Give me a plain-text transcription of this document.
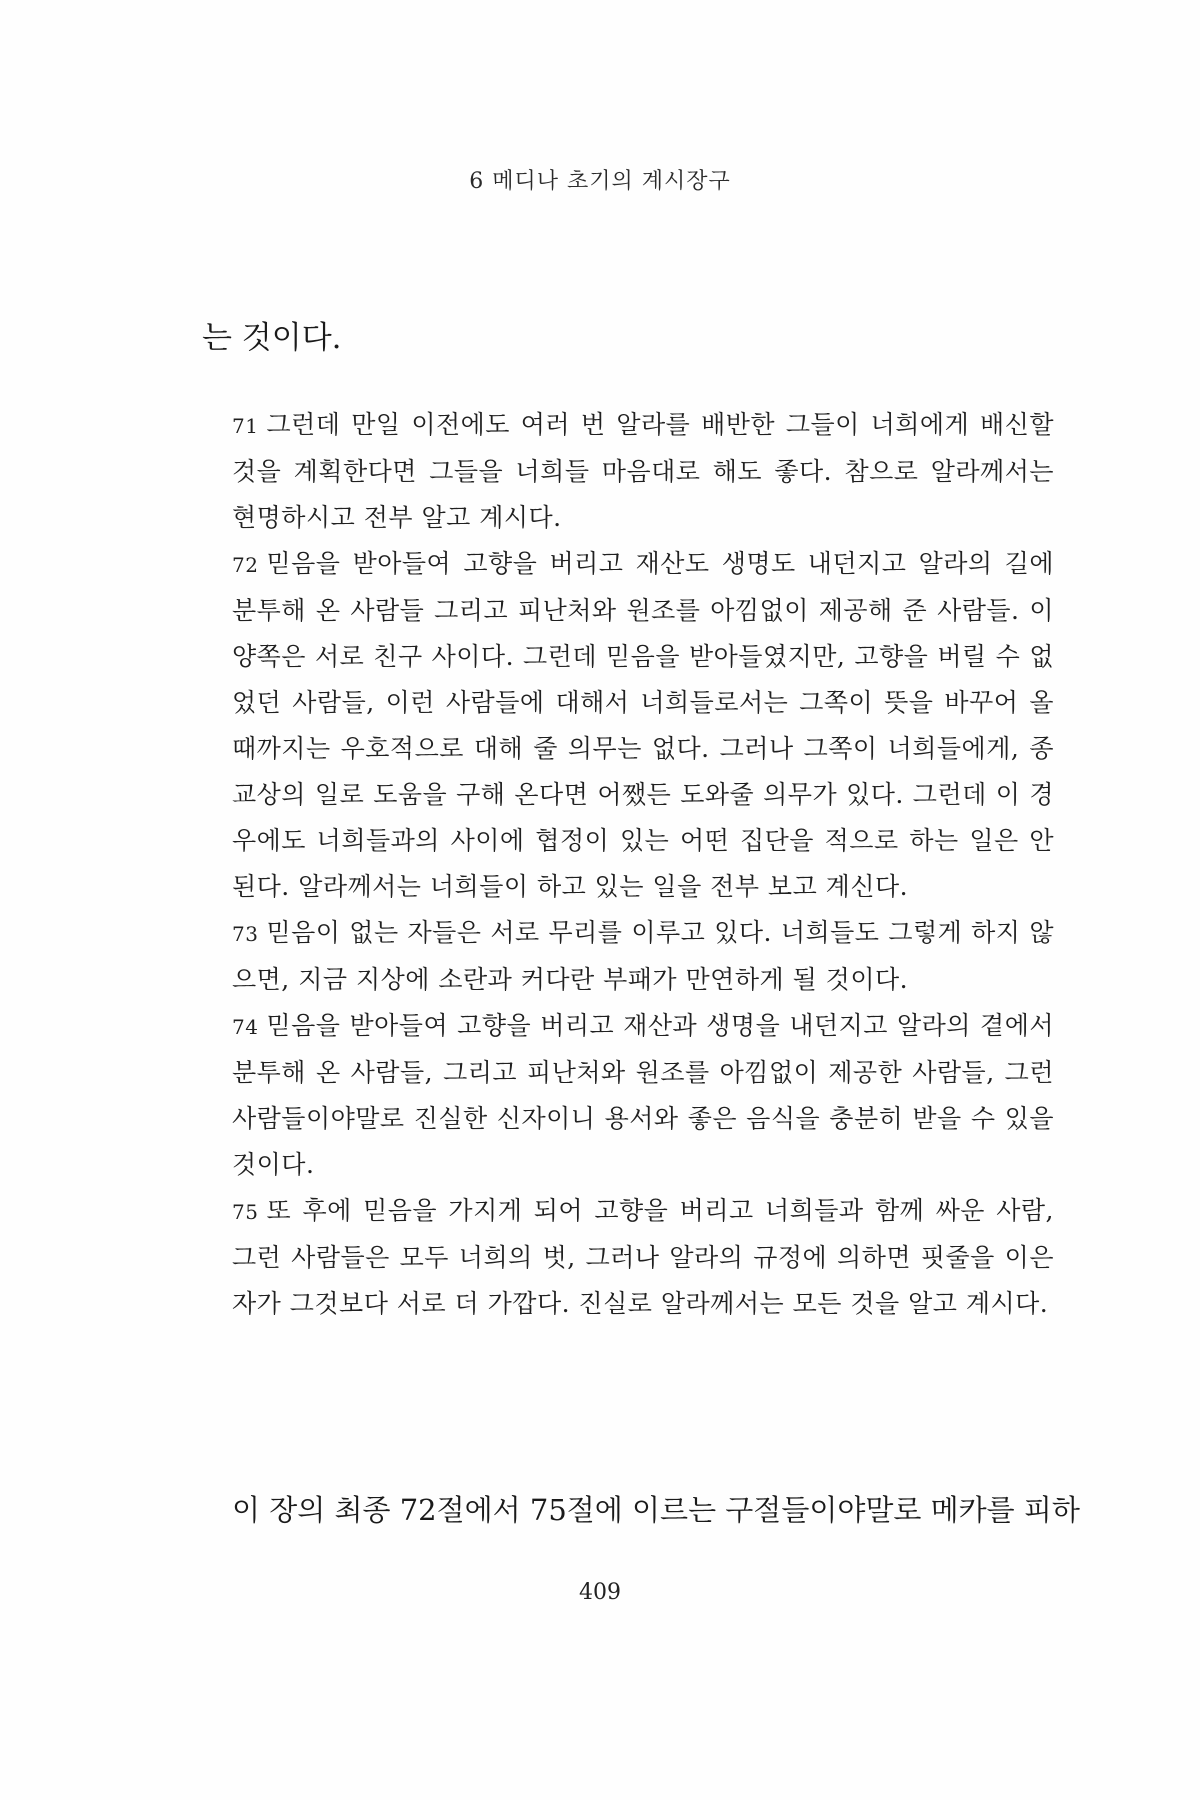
6 메디나 초기의 계시장구
는 것이다.

71 그런데 만일 이전에도 여러 번 알라를 배반한 그들이 너희에게 배신할 것을 계획한다면 그들을 너희들 마음대로 해도 좋다. 참으로 알라께서는 현명하시고 전부 알고 계시다.

72 믿음을 받아들여 고향을 버리고 재산도 생명도 내던지고 알라의 길에 분투해 온 사람들 그리고 피난처와 원조를 아낌없이 제공해 준 사람들. 이 양쪽은 서로 친구 사이다. 그런데 믿음을 받아들였지만, 고향을 버릴 수 없었던 사람들, 이런 사람들에 대해서 너희들로서는 그쪽이 뜻을 바꾸어 올 때까지는 우호적으로 대해 줄 의무는 없다. 그러나 그쪽이 너희들에게, 종교상의 일로 도움을 구해 온다면 어쨌든 도와줄 의무가 있다. 그런데 이 경우에도 너희들과의 사이에 협정이 있는 어떤 집단을 적으로 하는 일은 안된다. 알라께서는 너희들이 하고 있는 일을 전부 보고 계신다.

73 믿음이 없는 자들은 서로 무리를 이루고 있다. 너희들도 그렇게 하지 않으면, 지금 지상에 소란과 커다란 부패가 만연하게 될 것이다.

74 믿음을 받아들여 고향을 버리고 재산과 생명을 내던지고 알라의 곁에서 분투해 온 사람들, 그리고 피난처와 원조를 아낌없이 제공한 사람들, 그런 사람들이야말로 진실한 신자이니 용서와 좋은 음식을 충분히 받을 수 있을 것이다.

75 또 후에 믿음을 가지게 되어 고향을 버리고 너희들과 함께 싸운 사람, 그런 사람들은 모두 너희의 벗, 그러나 알라의 규정에 의하면 핏줄을 이은 자가 그것보다 서로 더 가깝다. 진실로 알라께서는 모든 것을 알고 계시다.

이 장의 최종 72절에서 75절에 이르는 구절들이야말로 메카를 피하
409
